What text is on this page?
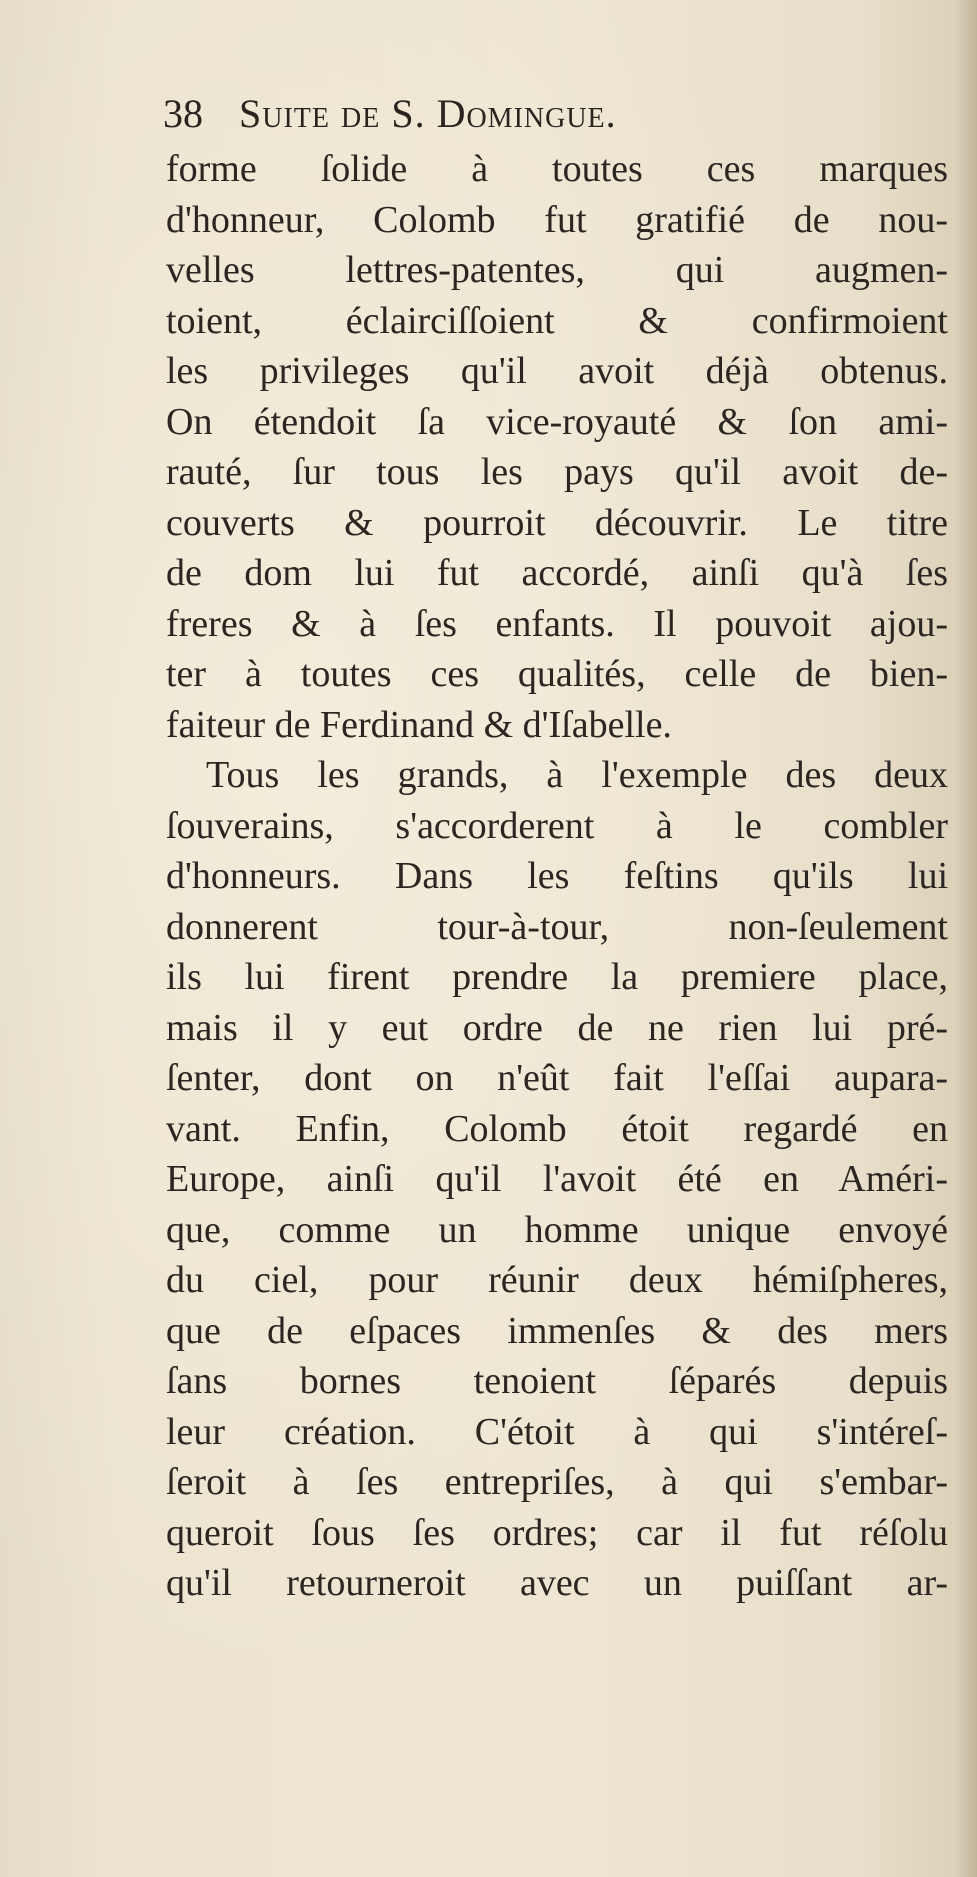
38 Suite de S. Domingue.
forme ſolide à toutes ces marques
d'honneur, Colomb fut gratifié de nou-
velles lettres-patentes, qui augmen-
toient, éclairciſſoient & confirmoient
les privileges qu'il avoit déjà obtenus.
On étendoit ſa vice-royauté & ſon ami-
rauté, ſur tous les pays qu'il avoit de-
couverts & pourroit découvrir. Le titre
de dom lui fut accordé, ainſi qu'à ſes
freres & à ſes enfants. Il pouvoit ajou-
ter à toutes ces qualités, celle de bien-
faiteur de Ferdinand & d'Iſabelle.
Tous les grands, à l'exemple des deux
ſouverains, s'accorderent à le combler
d'honneurs. Dans les feſtins qu'ils lui
donnerent tour-à-tour, non-ſeulement
ils lui firent prendre la premiere place,
mais il y eut ordre de ne rien lui pré-
ſenter, dont on n'eût fait l'eſſai aupara-
vant. Enfin, Colomb étoit regardé en
Europe, ainſi qu'il l'avoit été en Améri-
que, comme un homme unique envoyé
du ciel, pour réunir deux hémiſpheres,
que de eſpaces immenſes & des mers
ſans bornes tenoient ſéparés depuis
leur création. C'étoit à qui s'intéreſ-
ſeroit à ſes entrepriſes, à qui s'embar-
queroit ſous ſes ordres; car il fut réſolu
qu'il retourneroit avec un puiſſant ar-
